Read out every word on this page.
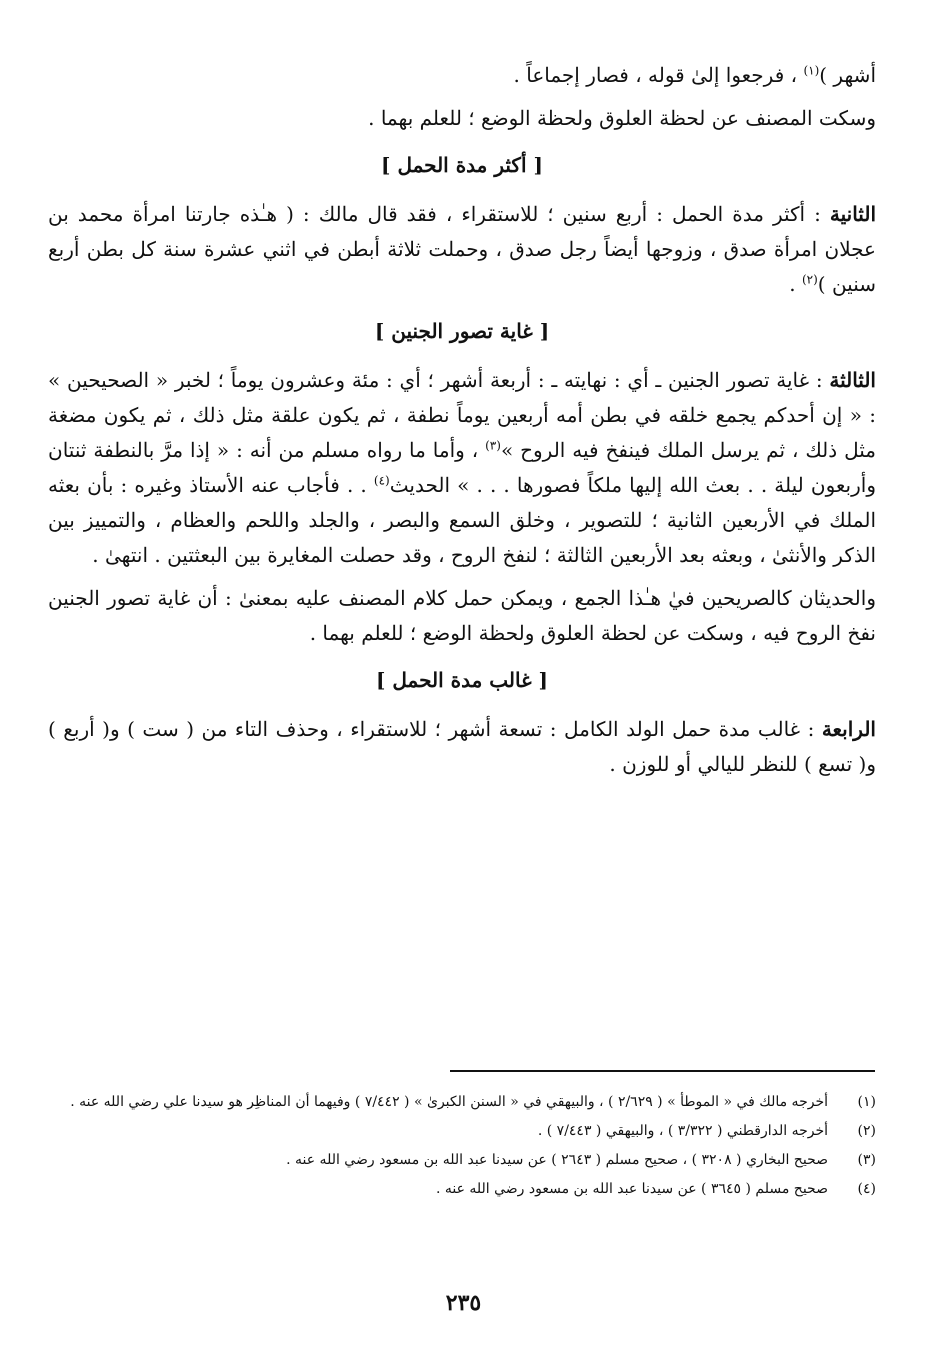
أشهر )$^{(١)}$ ، فرجعوا إلىٰ قوله ، فصار إجماعاً .

وسكت المصنف عن لحظة العلوق ولحظة الوضع ؛ للعلم بهما .

[ أكثر مدة الحمل ]

الثانية : أكثر مدة الحمل : أربع سنين ؛ للاستقراء ، فقد قال مالك : ( هـٰذه جارتنا امرأة محمد بن عجلان امرأة صدق ، وزوجها أيضاً رجل صدق ، وحملت ثلاثة أبطن في اثني عشرة سنة كل بطن أربع سنين )$^{(٢)}$ .

[ غاية تصور الجنين ]

الثالثة : غاية تصور الجنين ـ أي : نهايته ـ : أربعة أشهر ؛ أي : مئة وعشرون يوماً ؛ لخبر « الصحيحين » : « إن أحدكم يجمع خلقه في بطن أمه أربعين يوماً نطفة ، ثم يكون علقة مثل ذلك ، ثم يكون مضغة مثل ذلك ، ثم يرسل الملك فينفخ فيه الروح »$^{(٣)}$ ، وأما ما رواه مسلم من أنه : « إذا مرَّ بالنطفة ثنتان وأربعون ليلة . . بعث الله إليها ملكاً فصورها . . . » الحديث$^{(٤)}$ . . فأجاب عنه الأستاذ وغيره : بأن بعثه الملك في الأربعين الثانية ؛ للتصوير ، وخلق السمع والبصر ، والجلد واللحم والعظام ، والتمييز بين الذكر والأنثىٰ ، وبعثه بعد الأربعين الثالثة ؛ لنفخ الروح ، وقد حصلت المغايرة بين البعثتين . انتهىٰ .

والحديثان كالصريحين فيٰ هـٰذا الجمع ، ويمكن حمل كلام المصنف عليه بمعنىٰ : أن غاية تصور الجنين نفخ الروح فيه ، وسكت عن لحظة العلوق ولحظة الوضع ؛ للعلم بهما .

[ غالب مدة الحمل ]

الرابعة : غالب مدة حمل الولد الكامل : تسعة أشهر ؛ للاستقراء ، وحذف التاء من ( ست ) و( أربع ) و( تسع ) للنظر لليالي أو للوزن .

(١)
أخرجه مالك في « الموطأ » ( ٢/٦٢٩ ) ، والبيهقي في « السنن الكبرىٰ » ( ٧/٤٤٢ ) وفيهما أن المناظِر هو سيدنا علي رضي الله عنه .
(٢)
أخرجه الدارقطني ( ٣/٣٢٢ ) ، والبيهقي ( ٧/٤٤٣ ) .
(٣)
صحيح البخاري ( ٣٢٠٨ ) ، صحيح مسلم ( ٢٦٤٣ ) عن سيدنا عبد الله بن مسعود رضي الله عنه .
(٤)
صحيح مسلم ( ٣٦٤٥ ) عن سيدنا عبد الله بن مسعود رضي الله عنه .
٢٣٥
